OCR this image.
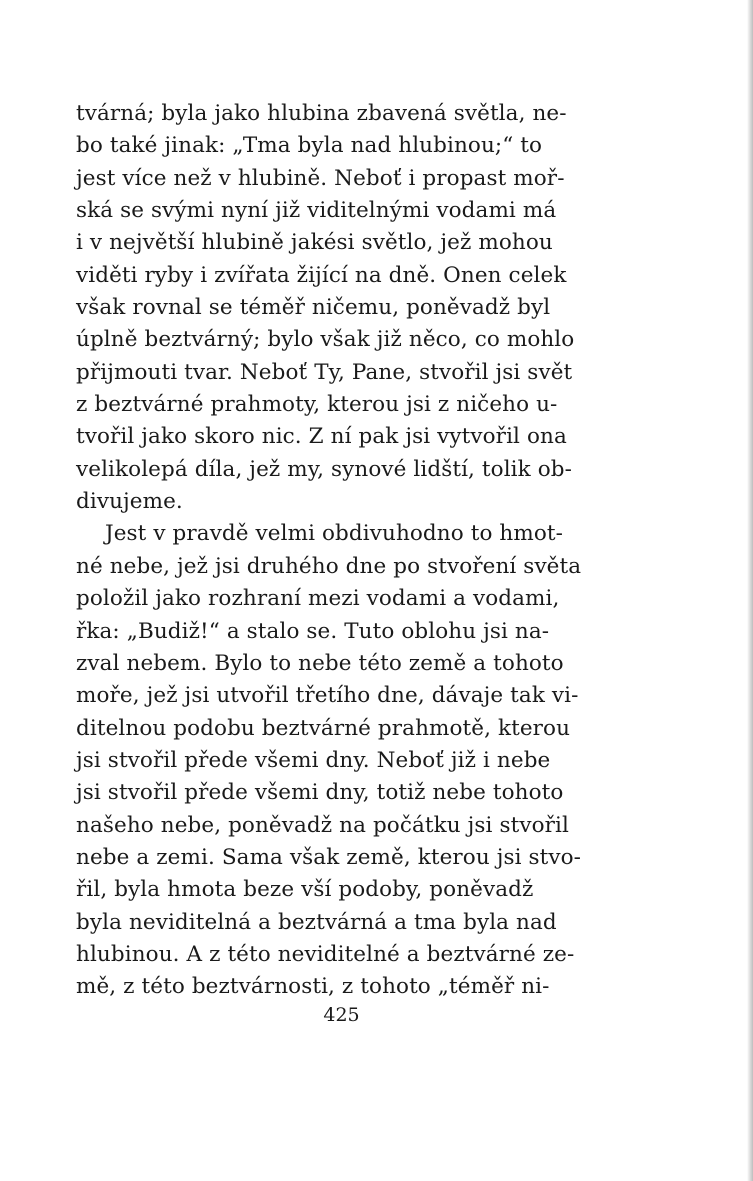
tvárná; byla jako hlubina zbavená světla, ne-
bo také jinak: „Tma byla nad hlubinou;“ to
jest více než v hlubině. Neboť i propast moř-
ská se svými nyní již viditelnými vodami má
i v největší hlubině jakési světlo, jež mohou
viděti ryby i zvířata žijící na dně. Onen celek
však rovnal se téměř ničemu, poněvadž byl
úplně beztvárný; bylo však již něco, co mohlo
přijmouti tvar. Neboť Ty, Pane, stvořil jsi svět
z beztvárné prahmoty, kterou jsi z ničeho u-
tvořil jako skoro nic. Z ní pak jsi vytvořil ona
velikolepá díla, jež my, synové lidští, tolik ob-
divujeme.
Jest v pravdě velmi obdivuhodno to hmot-
né nebe, jež jsi druhého dne po stvoření světa
položil jako rozhraní mezi vodami a vodami,
řka: „Budiž!“ a stalo se. Tuto oblohu jsi na-
zval nebem. Bylo to nebe této země a tohoto
moře, jež jsi utvořil třetího dne, dávaje tak vi-
ditelnou podobu beztvárné prahmotě, kterou
jsi stvořil přede všemi dny. Neboť již i nebe
jsi stvořil přede všemi dny, totiž nebe tohoto
našeho nebe, poněvadž na počátku jsi stvořil
nebe a zemi. Sama však země, kterou jsi stvo-
řil, byla hmota beze vší podoby, poněvadž
byla neviditelná a beztvárná a tma byla nad
hlubinou. A z této neviditelné a beztvárné ze-
mě, z této beztvárnosti, z tohoto „téměř ni-
425
